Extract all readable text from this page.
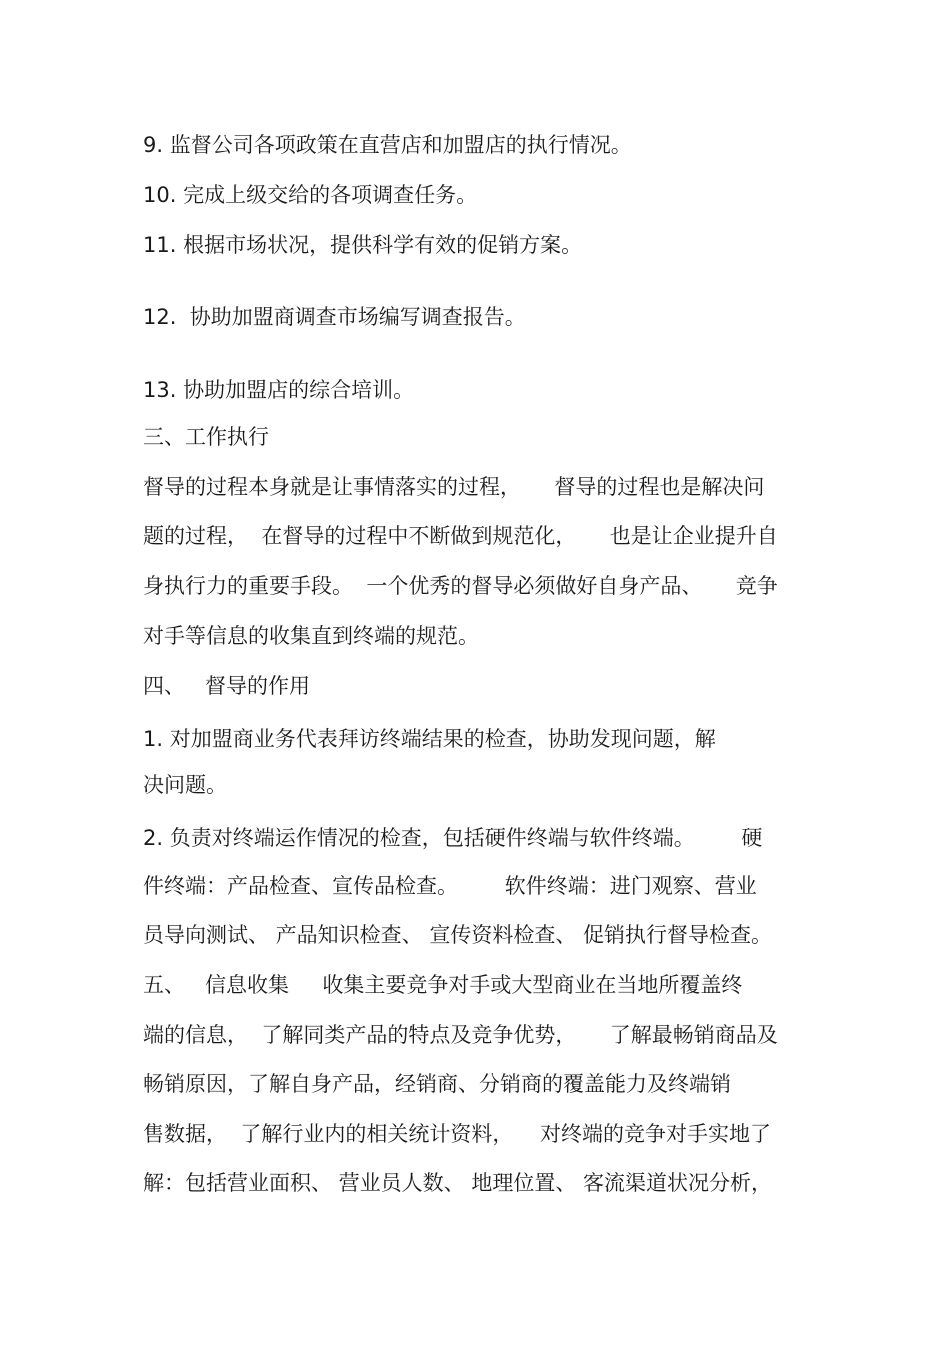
9. 监督公司各项政策在直营店和加盟店的执行情况。
10. 完成上级交给的各项调查任务。
11. 根据市场状况，提供科学有效的促销方案。
12.  协助加盟商调查市场编写调查报告。
13. 协助加盟店的综合培训。
三、工作执行
督导的过程本身就是让事情落实的过程，     督导的过程也是解决问
题的过程，  在督导的过程中不断做到规范化，     也是让企业提升自
身执行力的重要手段。  一个优秀的督导必须做好自身产品、     竞争
对手等信息的收集直到终端的规范。
四、   督导的作用
1. 对加盟商业务代表拜访终端结果的检查，协助发现问题，解
决问题。
2. 负责对终端运作情况的检查，包括硬件终端与软件终端。       硬
件终端：产品检查、宣传品检查。       软件终端：进门观察、营业
员导向测试、 产品知识检查、 宣传资料检查、 促销执行督导检查。
五、   信息收集     收集主要竞争对手或大型商业在当地所覆盖终
端的信息，  了解同类产品的特点及竞争优势，     了解最畅销商品及
畅销原因，了解自身产品，经销商、分销商的覆盖能力及终端销
售数据，  了解行业内的相关统计资料，    对终端的竞争对手实地了
解：包括营业面积、 营业员人数、 地理位置、 客流渠道状况分析，
